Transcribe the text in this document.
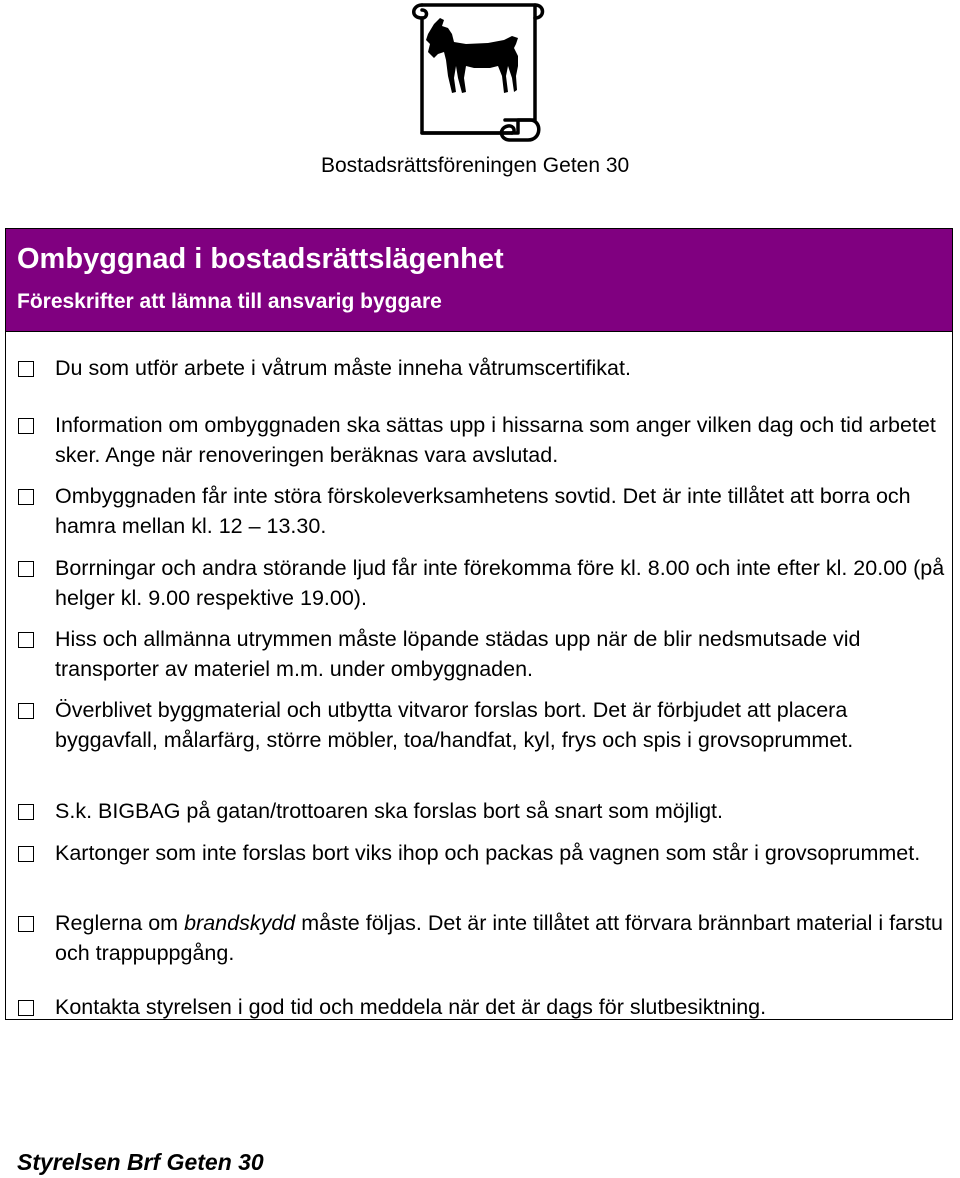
Bostadsrättsföreningen Geten 30
Ombyggnad i bostadsrättslägenhet
Föreskrifter att lämna till ansvarig byggare
Du som utför arbete i våtrum måste inneha våtrumscertifikat.
Information om ombyggnaden ska sättas upp i hissarna som anger vilken dag och tid arbetet sker. Ange när renoveringen beräknas vara avslutad.
Ombyggnaden får inte störa förskoleverksamhetens sovtid. Det är inte tillåtet att borra och hamra mellan kl. 12 – 13.30.
Borrningar och andra störande ljud får inte förekomma före kl. 8.00 och inte efter kl. 20.00 (på helger kl. 9.00 respektive 19.00).
Hiss och allmänna utrymmen måste löpande städas upp när de blir nedsmutsade vid transporter av materiel m.m. under ombyggnaden.
Överblivet byggmaterial och utbytta vitvaror forslas bort. Det är förbjudet att placera byggavfall, målarfärg, större möbler, toa/handfat, kyl, frys och spis i grovsoprummet.
S.k. BIGBAG på gatan/trottoaren ska forslas bort så snart som möjligt.
Kartonger som inte forslas bort viks ihop och packas på vagnen som står i grovsoprummet.
Reglerna om brandskydd måste följas. Det är inte tillåtet att förvara brännbart material i farstu och trappuppgång.
Kontakta styrelsen i god tid och meddela när det är dags för slutbesiktning.
Styrelsen Brf Geten 30
